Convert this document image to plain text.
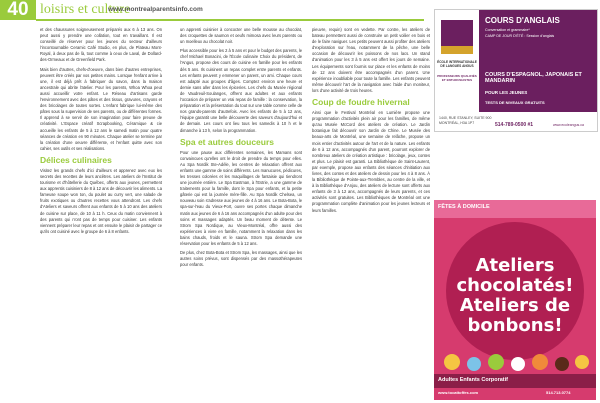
40 loisirs et culture
www.montrealparentsinfo.com

et des chaussures soigneusement préparés aux 6 à 13 ans. On peut aussi y prendre une collation, tout en travaillant. Il est conseillé de réserver pour les jeunes du secteur d'ailleurs l'incontournable Ceramic Café Studio, en plus, de Plateau Mont-Royal, à deux pas de là, tout comme à ceux de Laval, de Dollard-des-Ormeaux et de Greenfield Park.

Mais bien d'autres, chefs-d'oeuvre, dans bien d'autres entreprises, peuvent être créés par vos petites mains. Lorsque l'enfant arrive à une, il est déjà prêt à fabriquer du savon, dans la maison ancestrale qui abrite l'atelier. Pour les parents, Whoa Whoa peut aussi accueillir votre enfant. Le Réseau d'artisans garde l'environnement avec des pâtes et des tissus, gravures, crayons et des bricolages de toutes sortes. L'enfant fabrique lui-même des pâtes sous la supervision de ses parents, ou de différentes formes. Il apprend à se servir de son imagination pour faire preuve de créativité. L'Espace créatif Scrapbooking, Céramique & cie accueille les enfants de 5 à 12 ans le samedi matin pour quatre séances de création en 90 minutes. Chaque atelier se termine par la création d'une oeuvre différente, et l'enfant quitte avec son cahier, ses outils et ses réalisations.

Délices culinaires

Visitez les grands chefs d'ici d'ailleurs et apprenez avec eux les secrets des recettes de leurs ancêtres. Les ateliers de l'Institut de tourisme et d'hôtellerie du Québec, offerts aux jeunes, permettent aux apprentis cuisiniers de 8 à 12 ans de découvrir les aliments. La fameuse soupe won ton, du poulet au curry vert, une salade de fruits exotiques ou d'autres recettes vous attendront. Les chefs d'Ateliers et saveurs offrent aux enfants de 5 à 10 ans des ateliers de cuisine sur place, de 10 à 11 h. Ceux du matin conviennent à des parents qui n'ont pas de temps pour cuisiner. Les enfants viennent préparer leur repas et ont ensuite le plaisir de partager ce qu'ils ont cuisiné avec le groupe de 6 à 8 enfants.

un apprenti cuisinier à concocter une belle mousse au chocolat, des croquettes de saumon et oeufs mimosa avec leurs parents ou un moelleux au chocolat noir.

Plus accessible pour les 2 à 5 ans et pour le budget des parents, le chef Michael Bonacini, de l'École culinaire Choix du président, de l'Angus, propose des cours de cuisine en famille pour les enfants dès 5 ans. Ils cuisinent un repas complet entre parents et enfants. Les enfants peuvent y emmener un parent, un ami. Chaque cours est adapté aux groupes d'âges. Comptez environ une heure et demie sans aller dans les épiceries. Les chefs du Musée régional de Vaudreuil-Soulanges, offrent aux adultes et aux enfants l'occasion de préparer un vrai repas de famille : la conservation, la préparation et la présentation du tout sur une table comme celle de nos grands-parents d'autrefois. Avec les enfants de 5 à 12 ans, l'équipe garantit une belle découverte des saveurs d'aujourd'hui et de demain. Les cours ont lieu tous les samedis à 10 h et le dimanche à 13 h, selon la programmation.

Spa et autres douceurs

Pour une pause aux différentes semaines, les Mamans sont convaincues qu'elles ont le droit de prendre du temps pour elles. Au Spa Nordik Ste-Adèle, les centres de relaxation offrent aux enfants une gamme de soins différents. Les manucures, pédicures, les tresses colorées et les maquillages de fantaisie qui tiendront une journée entière. Le Spa Eastman, à l'Estrie, a une gamme de traitements pour la famille, dont le Spa pour enfants, et la petite gâterie qui est la journée mère-fille. Au Spa Nordik Chelsea, un nouveau soin s'adresse aux jeunes de 4 à 16 ans. Le Bota-Bota, le spa-sur-l'eau du Vieux-Port, ouvre ses portes chaque dimanche matin aux jeunes de 6 à 16 ans accompagnés d'un adulte pour des soins et massages adaptés. Un beau moment de détente. Le Strom Spa Nordique, au Vieux-Montréal, offre aussi des expériences à vivre en famille, notamment la relaxation dans les bains chauds, froids et le sauna. Strom Spa demande une réservation pour les enfants de 5 à 12 ans.

De plus, chez Bota-Bota et Strom Spa, les massages, ainsi que les autres soins prévus, sont dispensés par des massothérapeutes pour enfants.

pieuvre, requin) sont en vedette. Par contre, les ateliers de bateau permettent aussi de construire un petit voilier en bois et de le faire naviguer. Les petits peuvent aussi profiter des ateliers d'exploration sur l'eau, notamment de la pêche, une belle occasion de découvrir les poissons de nos lacs. Un stand d'animation pour les 3 à 5 ans est offert les jours de semaine. Les équipements sont fournis sur place et les enfants de moins de 12 ans doivent être accompagnés d'un parent. Une expérience inoubliable pour toute la famille. Les enfants peuvent même découvrir l'art de la navigation avec l'aide d'un moniteur, lors d'une activité de trois heures.

Coup de foudre hivernal

Ainsi que le Festival Montréal en Lumière propose une programmation d'activités plein air pour les familles, de même qu'au Musée McCord des ateliers de création. Le Jardin botanique fait découvrir son Jardin de Chine. Le Musée des beaux-arts de Montréal, une semaine de relâche, propose un mois entier d'activités autour de l'art et de la nature. Les enfants de 6 à 12 ans, accompagnés d'un parent, pourront explorer de nombreux ateliers de création artistique : bricolage, jeux, contes et plus. Le plaisir est garanti. La Bibliothèque de Saint-Laurent, par exemple, propose aux enfants des séances d'initiation aux livres, des contes et des ateliers de dessin pour les 4 à 8 ans. À la Bibliothèque de Pointe-aux-Trembles, au centre de la ville, et à la Bibliothèque d'Anjou, des ateliers de lecture sont offerts aux enfants de 3 à 12 ans, accompagnés de leurs parents, et ces activités sont gratuites. Les Bibliothèques de Montréal ont une programmation complète d'animation pour les jeunes lecteurs et leurs familles.

ÉCOLE INTERNATIONALE DE LANGUES ANGUS
PROFESSEURS QUALIFIÉS ET ENTHOUSIASTES
COURS D'ANGLAIS
Conversation et grammaire*
CAMP DE JOUR D'ÉTÉ : Session d'anglais
COURS D'ESPAGNOL, JAPONAIS ET MANDARIN
POUR LES JEUNES
TESTS DE NIVEAUX GRATUITS
1440, RUE STANLEY, SUITE 900 MONTRÉAL, H3A 1P7	514-789-0500 #1	www.ecoleangus.ca
FÊTES À DOMICILE
Ateliers chocolatés! Ateliers de bonbons!
Adultes Enfants Corporatif
www.tocattoffes.com	514.713.0774
